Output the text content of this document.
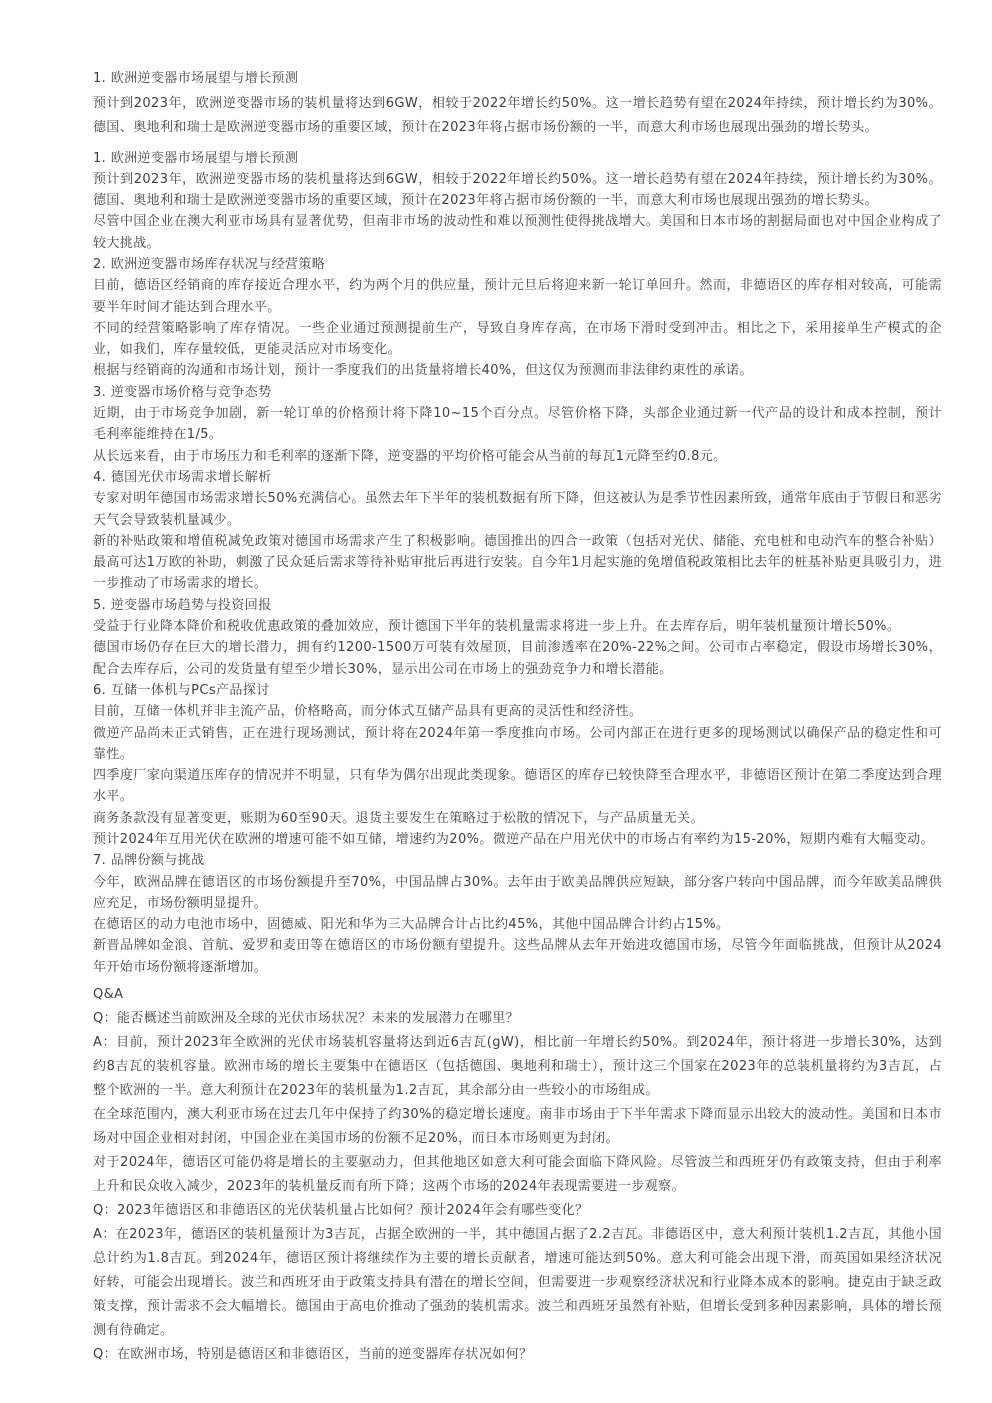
1. 欧洲逆变器市场展望与增长预测

预计到2023年，欧洲逆变器市场的装机量将达到6GW，相较于2022年增长约50%。这一增长趋势有望在2024年持续，预计增长约为30%。德国、奥地利和瑞士是欧洲逆变器市场的重要区域，预计在2023年将占据市场份额的一半，而意大利市场也展现出强劲的增长势头。

1. 欧洲逆变器市场展望与增长预测

预计到2023年，欧洲逆变器市场的装机量将达到6GW，相较于2022年增长约50%。这一增长趋势有望在2024年持续，预计增长约为30%。德国、奥地利和瑞士是欧洲逆变器市场的重要区域，预计在2023年将占据市场份额的一半，而意大利市场也展现出强劲的增长势头。

尽管中国企业在澳大利亚市场具有显著优势，但南非市场的波动性和难以预测性使得挑战增大。美国和日本市场的割据局面也对中国企业构成了较大挑战。

2. 欧洲逆变器市场库存状况与经营策略

目前，德语区经销商的库存接近合理水平，约为两个月的供应量，预计元旦后将迎来新一轮订单回升。然而，非德语区的库存相对较高，可能需要半年时间才能达到合理水平。

不同的经营策略影响了库存情况。一些企业通过预测提前生产，导致自身库存高，在市场下滑时受到冲击。相比之下，采用接单生产模式的企业，如我们，库存量较低，更能灵活应对市场变化。

根据与经销商的沟通和市场计划，预计一季度我们的出货量将增长40%，但这仅为预测而非法律约束性的承诺。

3. 逆变器市场价格与竞争态势

近期，由于市场竞争加剧，新一轮订单的价格预计将下降10~15个百分点。尽管价格下降，头部企业通过新一代产品的设计和成本控制，预计毛利率能维持在1/5。

从长远来看，由于市场压力和毛利率的逐渐下降，逆变器的平均价格可能会从当前的每瓦1元降至约0.8元。

4. 德国光伏市场需求增长解析

专家对明年德国市场需求增长50%充满信心。虽然去年下半年的装机数据有所下降，但这被认为是季节性因素所致，通常年底由于节假日和恶劣天气会导致装机量减少。

新的补贴政策和增值税减免政策对德国市场需求产生了积极影响。德国推出的四合一政策（包括对光伏、储能、充电桩和电动汽车的整合补贴）最高可达1万欧的补助，刺激了民众延后需求等待补贴审批后再进行安装。自今年1月起实施的免增值税政策相比去年的桩基补贴更具吸引力，进一步推动了市场需求的增长。

5. 逆变器市场趋势与投资回报

受益于行业降本降价和税收优惠政策的叠加效应，预计德国下半年的装机量需求将进一步上升。在去库存后，明年装机量预计增长50%。

德国市场仍存在巨大的增长潜力，拥有约1200-1500万可装有效屋顶，目前渗透率在20%-22%之间。公司市占率稳定，假设市场增长30%，配合去库存后，公司的发货量有望至少增长30%，显示出公司在市场上的强劲竞争力和增长潜能。

6. 互储一体机与PCs产品探讨

目前，互储一体机并非主流产品，价格略高，而分体式互储产品具有更高的灵活性和经济性。

微逆产品尚未正式销售，正在进行现场测试，预计将在2024年第一季度推向市场。公司内部正在进行更多的现场测试以确保产品的稳定性和可靠性。

四季度厂家向渠道压库存的情况并不明显，只有华为偶尔出现此类现象。德语区的库存已较快降至合理水平，非德语区预计在第二季度达到合理水平。

商务条款没有显著变更，账期为60至90天。退货主要发生在策略过于松散的情况下，与产品质量无关。

预计2024年互用光伏在欧洲的增速可能不如互储，增速约为20%。微逆产品在户用光伏中的市场占有率约为15-20%，短期内难有大幅变动。

7. 品牌份额与挑战

今年，欧洲品牌在德语区的市场份额提升至70%，中国品牌占30%。去年由于欧美品牌供应短缺，部分客户转向中国品牌，而今年欧美品牌供应充足，市场份额明显提升。

在德语区的动力电池市场中，固德威、阳光和华为三大品牌合计占比约45%，其他中国品牌合计约占15%。

新晋品牌如金浪、首航、爱罗和麦田等在德语区的市场份额有望提升。这些品牌从去年开始进攻德国市场，尽管今年面临挑战，但预计从2024年开始市场份额将逐渐增加。

Q&A

Q：能否概述当前欧洲及全球的光伏市场状况？未来的发展潜力在哪里？

A：目前，预计2023年全欧洲的光伏市场装机容量将达到近6吉瓦(gW)，相比前一年增长约50%。到2024年，预计将进一步增长30%，达到约8吉瓦的装机容量。欧洲市场的增长主要集中在德语区（包括德国、奥地利和瑞士），预计这三个国家在2023年的总装机量将约为3吉瓦，占整个欧洲的一半。意大利预计在2023年的装机量为1.2吉瓦，其余部分由一些较小的市场组成。

在全球范围内，澳大利亚市场在过去几年中保持了约30%的稳定增长速度。南非市场由于下半年需求下降而显示出较大的波动性。美国和日本市场对中国企业相对封闭，中国企业在美国市场的份额不足20%，而日本市场则更为封闭。

对于2024年，德语区可能仍将是增长的主要驱动力，但其他地区如意大利可能会面临下降风险。尽管波兰和西班牙仍有政策支持，但由于利率上升和民众收入减少，2023年的装机量反而有所下降；这两个市场的2024年表现需要进一步观察。

Q：2023年德语区和非德语区的光伏装机量占比如何？预计2024年会有哪些变化？

A：在2023年，德语区的装机量预计为3吉瓦，占据全欧洲的一半，其中德国占据了2.2吉瓦。非德语区中，意大利预计装机1.2吉瓦，其他小国总计约为1.8吉瓦。到2024年，德语区预计将继续作为主要的增长贡献者，增速可能达到50%。意大利可能会出现下滑，而英国如果经济状况好转，可能会出现增长。波兰和西班牙由于政策支持具有潜在的增长空间，但需要进一步观察经济状况和行业降本成本的影响。捷克由于缺乏政策支撑，预计需求不会大幅增长。德国由于高电价推动了强劲的装机需求。波兰和西班牙虽然有补贴，但增长受到多种因素影响，具体的增长预测有待确定。

Q：在欧洲市场，特别是德语区和非德语区，当前的逆变器库存状况如何？
